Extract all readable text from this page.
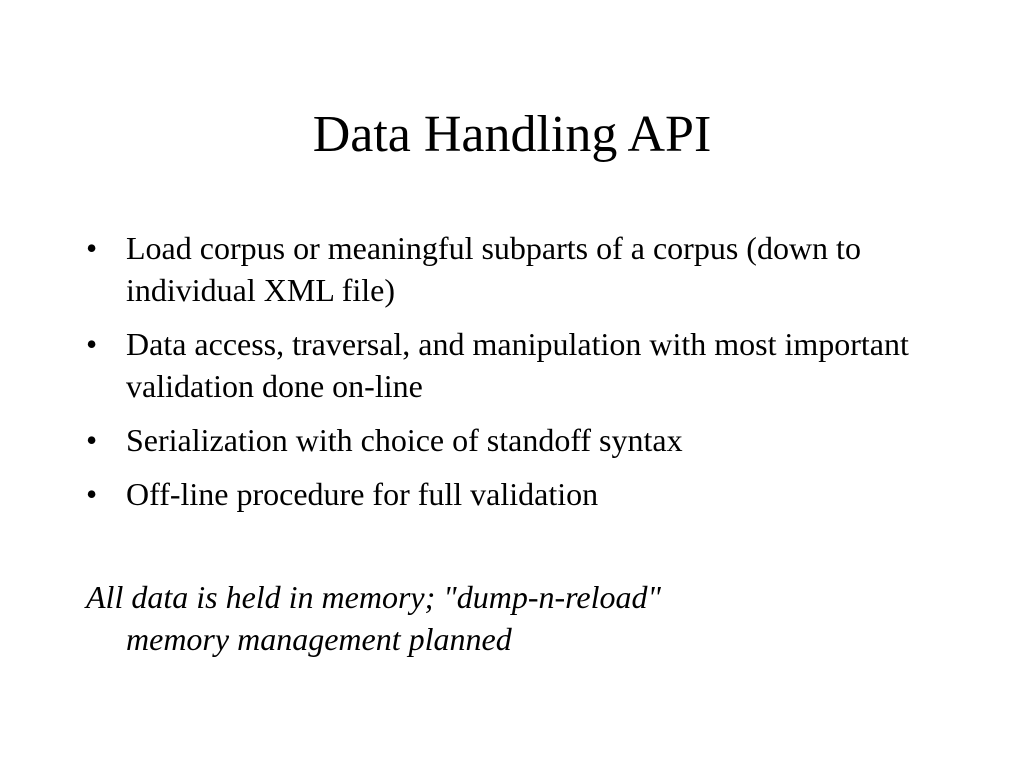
Data Handling API
• Load corpus or meaningful subparts of a corpus (down to individual XML file)
• Data access, traversal, and manipulation with most important validation done on-line
• Serialization with choice of standoff syntax
• Off-line procedure for full validation

All data is held in memory; "dump-n-reload"
memory management planned
